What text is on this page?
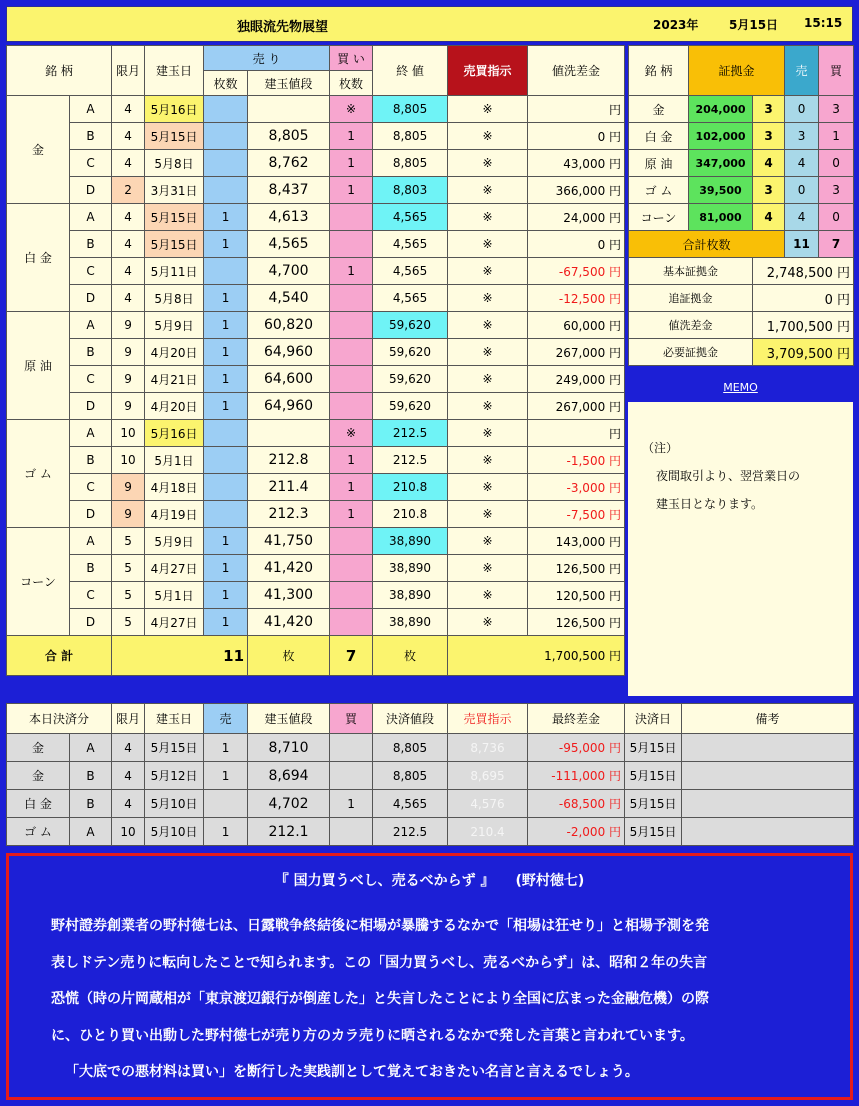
独眼流先物展望	2023年	5月15日 15:15
銘 柄		限月	建玉日	売 り		買 い	終 値	売買指示	値洗差金
				枚数	建玉値段	枚数			
金	A	4	5月16日			※	8,805	※	円
	B	4	5月15日		8,805	1	8,805	※	0 円
	C	4	5月8日		8,762	1	8,805	※	43,000 円
	D	2	3月31日		8,437	1	8,803	※	366,000 円
白 金	A	4	5月15日	1	4,613		4,565	※	24,000 円
	B	4	5月15日	1	4,565		4,565	※	0 円
	C	4	5月11日		4,700	1	4,565	※	-67,500 円
	D	4	5月8日	1	4,540		4,565	※	-12,500 円
原 油	A	9	5月9日	1	60,820		59,620	※	60,000 円
	B	9	4月20日	1	64,960		59,620	※	267,000 円
	C	9	4月21日	1	64,600		59,620	※	249,000 円
	D	9	4月20日	1	64,960		59,620	※	267,000 円
ゴ ム	A	10	5月16日			※	212.5	※	円
	B	10	5月1日		212.8	1	212.5	※	-1,500 円
	C	9	4月18日		211.4	1	210.8	※	-3,000 円
	D	9	4月19日		212.3	1	210.8	※	-7,500 円
コーン	A	5	5月9日	1	41,750		38,890	※	143,000 円
	B	5	4月27日	1	41,420		38,890	※	126,500 円
	C	5	5月1日	1	41,300		38,890	※	120,500 円
	D	5	4月27日	1	41,420		38,890	※	126,500 円
合 計		11			枚	7	枚	1,700,500 円	
銘 柄	証拠金		売	買
金	204,000	3	0	3
白 金	102,000	3	3	1
原 油	347,000	4	4	0
ゴ ム	39,500	3	0	3
コーン	81,000	4	4	0
合計枚数			11	7
基本証拠金		2,748,500 円		
追証拠金		0 円		
値洗差金		1,700,500 円		
必要証拠金		3,709,500 円		
MEMO
（注）
夜間取引より、翌営業日の
建玉日となります。
本日決済分		限月	建玉日	売	建玉値段	買	決済値段	売買指示	最終差金	決済日	備考
金	A	4	5月15日	1	8,710		8,805	8,736	-95,000 円	5月15日	
金	B	4	5月12日	1	8,694		8,805	8,695	-111,000 円	5月15日	
白 金	B	4	5月10日		4,702	1	4,565	4,576	-68,500 円	5月15日	
ゴ ム	A	10	5月10日	1	212.1		212.5	210.4	-2,000 円	5月15日	
『 国力買うべし、売るべからず 』　　(野村徳七)
野村證券創業者の野村徳七は、日露戦争終結後に相場が暴騰するなかで「相場は狂せり」と相場予測を発
表しドテン売りに転向したことで知られます。この「国力買うべし、売るべからず」は、昭和２年の失言
恐慌（時の片岡蔵相が「東京渡辺銀行が倒産した」と失言したことにより全国に広まった金融危機）の際
に、ひとり買い出動した野村徳七が売り方のカラ売りに晒されるなかで発した言葉と言われています。
「大底での悪材料は買い」を断行した実践訓として覚えておきたい名言と言えるでしょう。
